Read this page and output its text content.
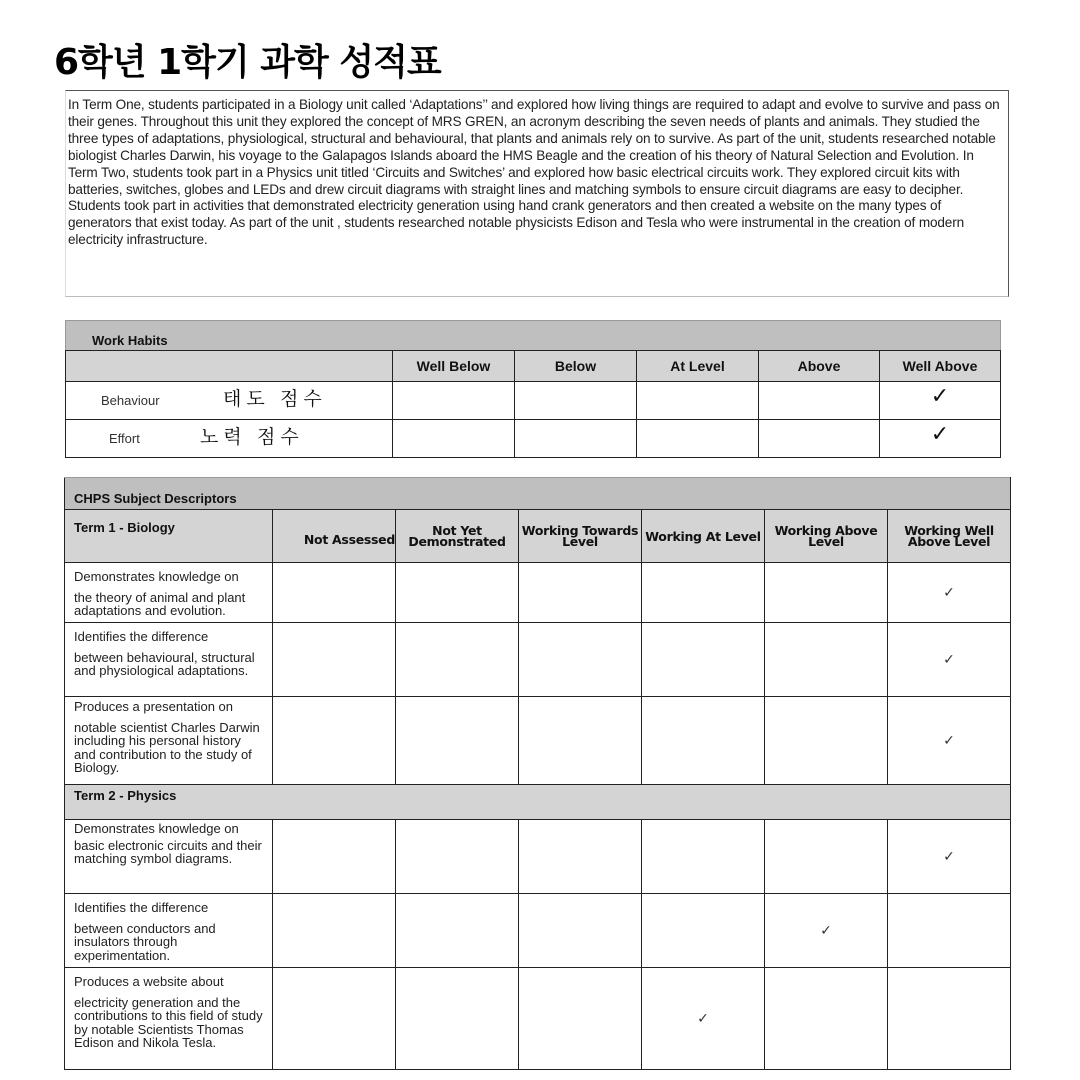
6학년 1학기 과학 성적표
In Term One, students participated in a Biology unit called ‘Adaptations’’ and explored how living things are required to adapt and evolve to survive and pass on their genes. Throughout this unit they explored the concept of MRS GREN, an acronym describing the seven needs of plants and animals. They studied the three types of adaptations, physiological, structural and behavioural, that plants and animals rely on to survive. As part of the unit, students researched notable biologist Charles Darwin, his voyage to the Galapagos Islands aboard the HMS Beagle and the creation of his theory of Natural Selection and Evolution. In Term Two, students took part in a Physics unit titled ‘Circuits and Switches’ and explored how basic electrical circuits work. They explored circuit kits with batteries, switches, globes and LEDs and drew circuit diagrams with straight lines and matching symbols to ensure circuit diagrams are easy to decipher. Students took part in activities that demonstrated electricity generation using hand crank generators and then created a website on the many types of generators that exist today. As part of the unit , students researched notable physicists Edison and Tesla who were instrumental in the creation of modern electricity infrastructure.
Work Habits					
	Well Below	Below	At Level	Above	Well Above

Behaviour 태도 점수					✓

Effort 노력 점수					✓
CHPS Subject Descriptors						
Term 1 - Biology	Not Assessed	Not Yet Demonstrated	Working Towards Level	Working At Level	Working Above Level	Working Well Above Level

Demonstrates knowledge on
the theory of animal and plant adaptations and evolution.						✓

Identifies the difference
between behavioural, structural and physiological adaptations.						✓

Produces a presentation on
notable scientist Charles Darwin including his personal history and contribution to the study of Biology.						✓
Term 2 - Physics						

Demonstrates knowledge on
basic electronic circuits and their matching symbol diagrams.						✓

Identifies the difference
between conductors and insulators through experimentation.					✓	

Produces a website about
electricity generation and the contributions to this field of study by notable Scientists Thomas Edison and Nikola Tesla.				✓		
